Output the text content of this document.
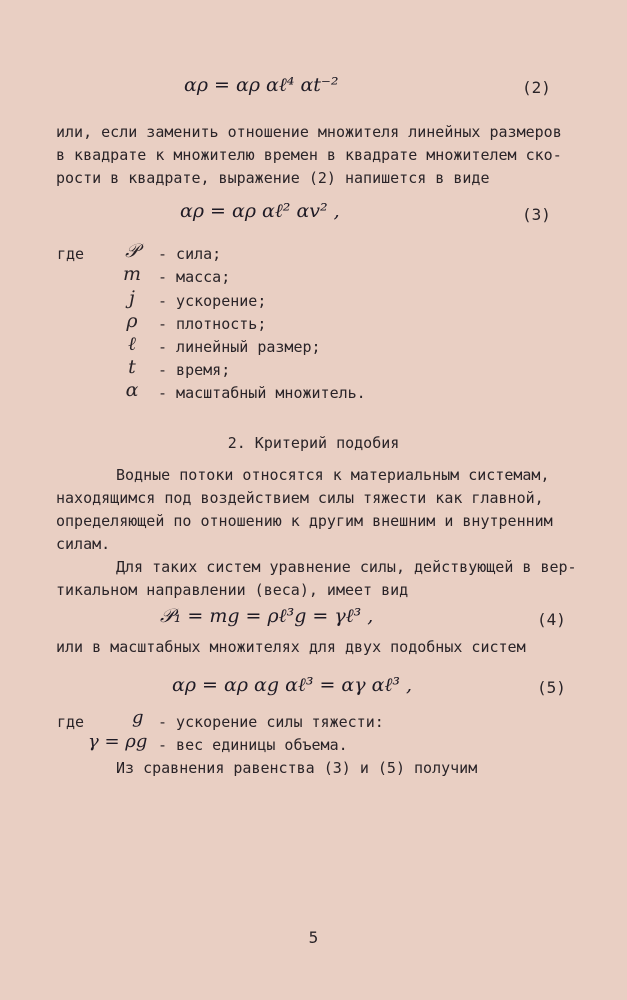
αρ = αρ αℓ⁴ αt⁻²	(2)
или, если заменить отношение множителя линейных размеров
в квадрате к множителю времен в квадрате множителем ско-
рости в квадрате, выражение (2) напишется в виде
αρ = αρ αℓ² αv² ,	(3)
где	𝒫	- сила;
m	- масса;
j	- ускорение;
ρ	- плотность;
ℓ	- линейный размер;
t	- время;
α	- масштабный множитель.
2. Критерий подобия
Водные потоки относятся к материальным системам,
находящимся под воздействием силы тяжести как главной,
определяющей по отношению к другим внешним и внутренним
силам.
Для таких систем уравнение силы, действующей в вер-
тикальном направлении (веса), имеет вид
𝒫₁ = mg = ρℓ³g = γℓ³ ,	(4)
или в масштабных множителях для двух подобных систем
αρ = αρ αg αℓ³ = αγ αℓ³ ,	(5)
где	g - ускорение силы тяжести:
γ = ρg - вес единицы объема.
Из сравнения равенства (3) и (5) получим
5
